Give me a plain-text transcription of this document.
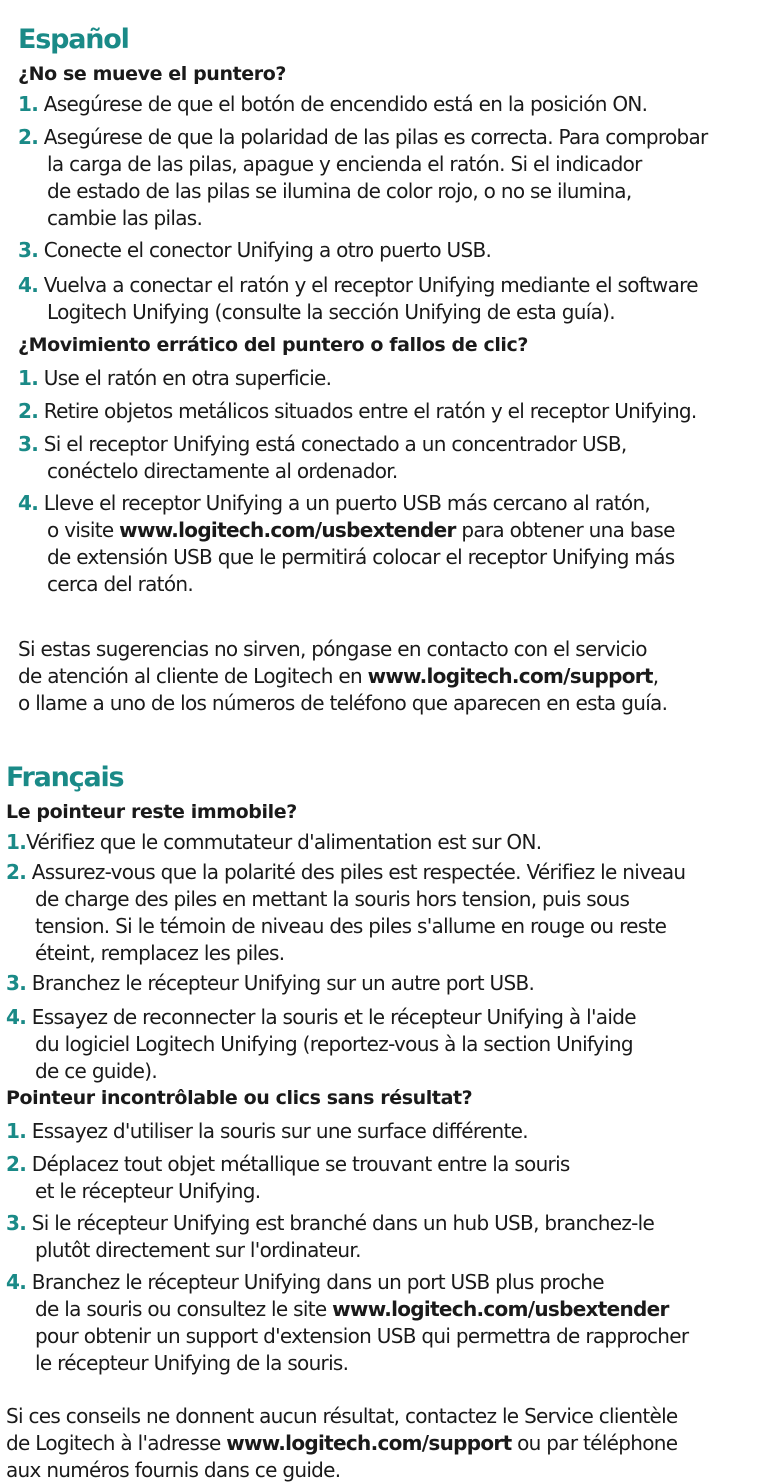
Español
¿No se mueve el puntero?
1. Asegúrese de que el botón de encendido está en la posición ON.
2. Asegúrese de que la polaridad de las pilas es correcta. Para comprobar
la carga de las pilas, apague y encienda el ratón. Si el indicador
de estado de las pilas se ilumina de color rojo, o no se ilumina,
cambie las pilas.
3. Conecte el conector Unifying a otro puerto USB.
4. Vuelva a conectar el ratón y el receptor Unifying mediante el software
Logitech Unifying (consulte la sección Unifying de esta guía).
¿Movimiento errático del puntero o fallos de clic?
1. Use el ratón en otra superficie.
2. Retire objetos metálicos situados entre el ratón y el receptor Unifying.
3. Si el receptor Unifying está conectado a un concentrador USB,
conéctelo directamente al ordenador.
4. Lleve el receptor Unifying a un puerto USB más cercano al ratón,
o visite www.logitech.com/usbextender para obtener una base
de extensión USB que le permitirá colocar el receptor Unifying más
cerca del ratón.
Si estas sugerencias no sirven, póngase en contacto con el servicio
de atención al cliente de Logitech en www.logitech.com/support,
o llame a uno de los números de teléfono que aparecen en esta guía.
Français
Le pointeur reste immobile?
1.Vérifiez que le commutateur d'alimentation est sur ON.
2. Assurez-vous que la polarité des piles est respectée. Vérifiez le niveau
de charge des piles en mettant la souris hors tension, puis sous
tension. Si le témoin de niveau des piles s'allume en rouge ou reste
éteint, remplacez les piles.
3. Branchez le récepteur Unifying sur un autre port USB.
4. Essayez de reconnecter la souris et le récepteur Unifying à l'aide
du logiciel Logitech Unifying (reportez-vous à la section Unifying
de ce guide).
Pointeur incontrôlable ou clics sans résultat?
1. Essayez d'utiliser la souris sur une surface différente.
2. Déplacez tout objet métallique se trouvant entre la souris
et le récepteur Unifying.
3. Si le récepteur Unifying est branché dans un hub USB, branchez-le
plutôt directement sur l'ordinateur.
4. Branchez le récepteur Unifying dans un port USB plus proche
de la souris ou consultez le site www.logitech.com/usbextender
pour obtenir un support d'extension USB qui permettra de rapprocher
le récepteur Unifying de la souris.
Si ces conseils ne donnent aucun résultat, contactez le Service clientèle
de Logitech à l'adresse www.logitech.com/support ou par téléphone
aux numéros fournis dans ce guide.
